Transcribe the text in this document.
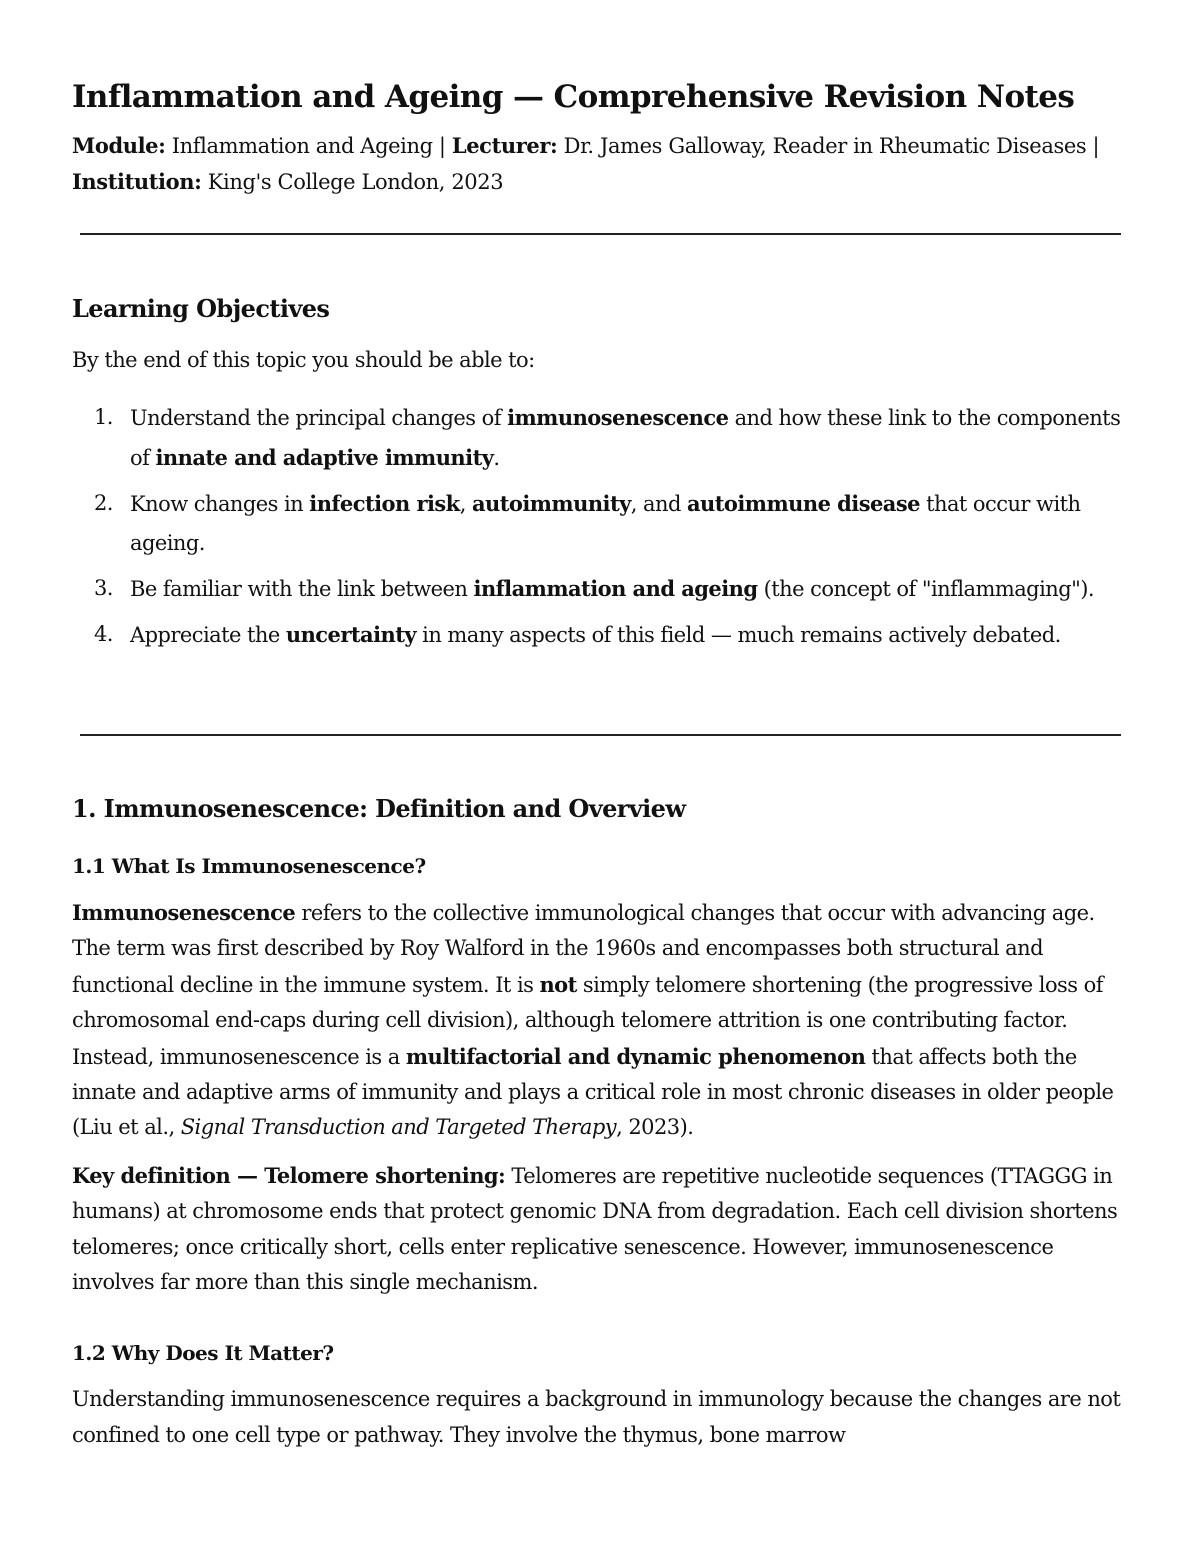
Inflammation and Ageing — Comprehensive Revision Notes
Module: Inflammation and Ageing | Lecturer: Dr. James Galloway, Reader in Rheumatic Diseases | Institution: King's College London, 2023
Learning Objectives

By the end of this topic you should be able to:

1. Understand the principal changes of immunosenescence and how these link to the components of innate and adaptive immunity.
2. Know changes in infection risk, autoimmunity, and autoimmune disease that occur with ageing.
3. Be familiar with the link between inflammation and ageing (the concept of "inflammaging").
4. Appreciate the uncertainty in many aspects of this field — much remains actively debated.
1. Immunosenescence: Definition and Overview
1.1 What Is Immunosenescence?

Immunosenescence refers to the collective immunological changes that occur with advancing age. The term was first described by Roy Walford in the 1960s and encompasses both structural and functional decline in the immune system. It is not simply telomere shortening (the progressive loss of chromosomal end-caps during cell division), although telomere attrition is one contributing factor. Instead, immunosenescence is a multifactorial and dynamic phenomenon that affects both the innate and adaptive arms of immunity and plays a critical role in most chronic diseases in older people (Liu et al., Signal Transduction and Targeted Therapy, 2023).

Key definition — Telomere shortening: Telomeres are repetitive nucleotide sequences (TTAGGG in humans) at chromosome ends that protect genomic DNA from degradation. Each cell division shortens telomeres; once critically short, cells enter replicative senescence. However, immunosenescence involves far more than this single mechanism.

1.2 Why Does It Matter?

Understanding immunosenescence requires a background in immunology because the changes are not confined to one cell type or pathway. They involve the thymus, bone marrow
